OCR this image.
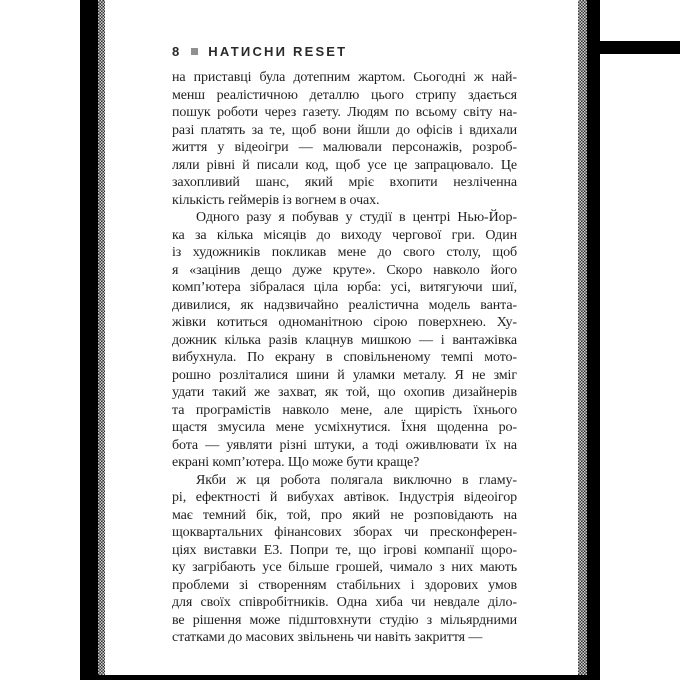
8 НАТИСНИ RESET
на приставці була дотепним жартом. Сьогодні ж най-
менш реалістичною деталлю цього стрипу здається
пошук роботи через газету. Людям по всьому світу на-
разі платять за те, щоб вони йшли до офісів і вдихали
життя у відеоігри — малювали персонажів, розроб-
ляли рівні й писали код, щоб усе це запрацювало. Це
захопливий шанс, який мріє вхопити незліченна
кількість геймерів із вогнем в очах.
Одного разу я побував у студії в центрі Нью-Йор-
ка за кілька місяців до виходу чергової гри. Один
із художників покликав мене до свого столу, щоб
я «зацінив дещо дуже круте». Скоро навколо його
комп’ютера зібралася ціла юрба: усі, витягуючи шиї,
дивилися, як надзвичайно реалістична модель ванта-
жівки котиться одноманітною сірою поверхнею. Ху-
дожник кілька разів клацнув мишкою — і вантажівка
вибухнула. По екрану в сповільненому темпі мото-
рошно розліталися шини й уламки металу. Я не зміг
удати такий же захват, як той, що охопив дизайнерів
та програмістів навколо мене, але щирість їхнього
щастя змусила мене усміхнутися. Їхня щоденна ро-
бота — уявляти різні штуки, а тоді оживлювати їх на
екрані комп’ютера. Що може бути краще?
Якби ж ця робота полягала виключно в гламу-
рі, ефектності й вибухах автівок. Індустрія відеоігор
має темний бік, той, про який не розповідають на
щоквартальних фінансових зборах чи пресконферен-
ціях виставки E3. Попри те, що ігрові компанії щоро-
ку загрібають усе більше грошей, чимало з них мають
проблеми зі створенням стабільних і здорових умов
для своїх співробітників. Одна хиба чи невдале діло-
ве рішення може підштовхнути студію з мільярдними
статками до масових звільнень чи навіть закриття —
